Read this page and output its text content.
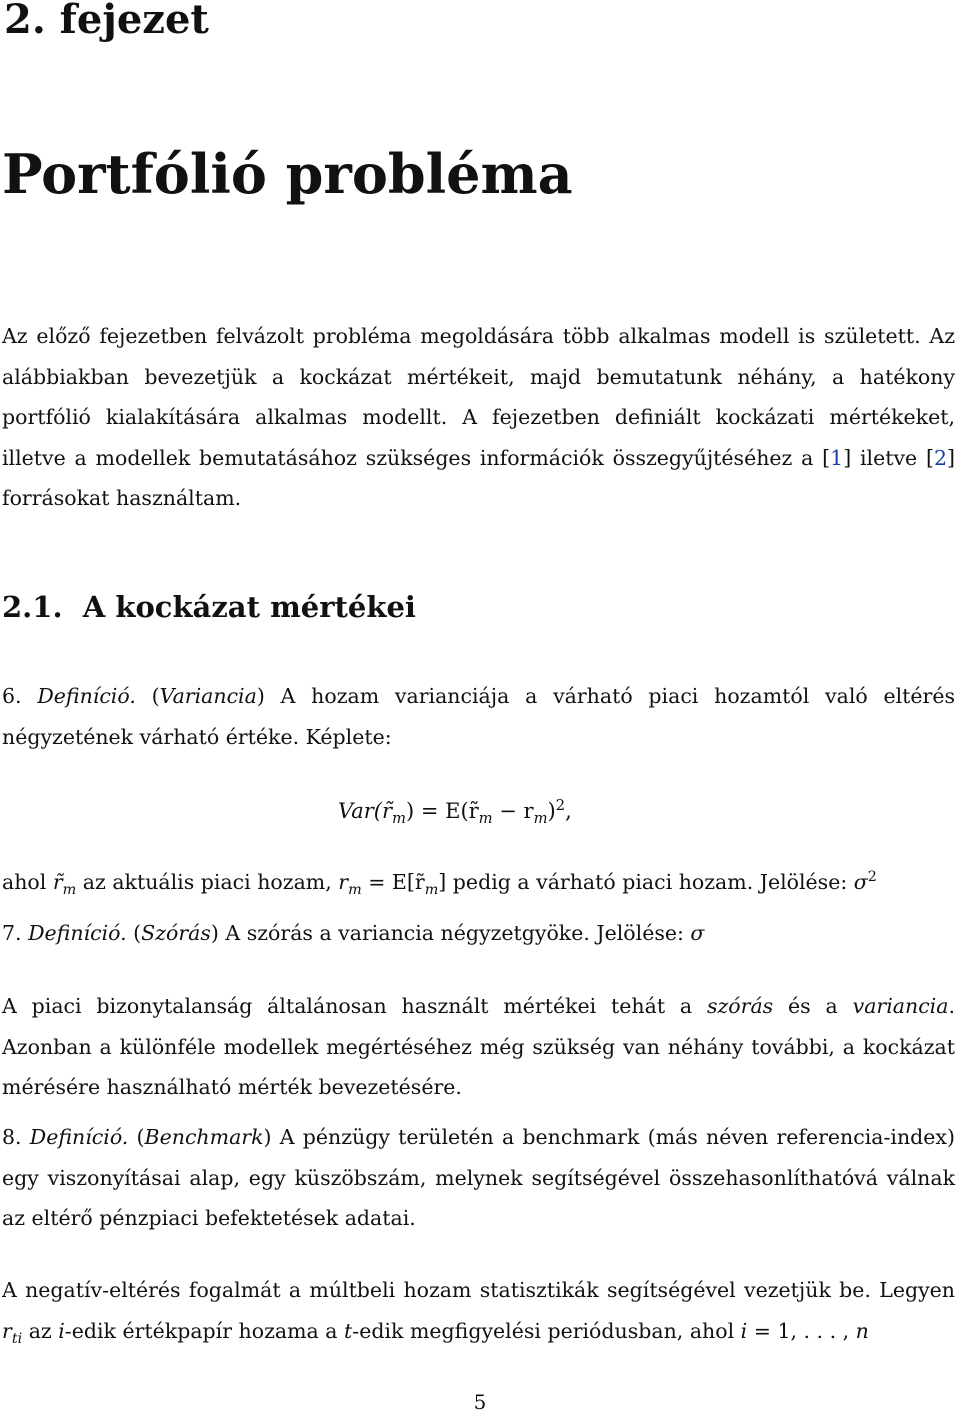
2. fejezet
Portfólió probléma

Az előző fejezetben felvázolt probléma megoldására több alkalmas modell is született. Az alábbiakban bevezetjük a kockázat mértékeit, majd bemutatunk néhány, a hatékony portfólió kialakítására alkalmas modellt. A fejezetben definiált kockázati mértékeket, illetve a modellek bemutatásához szükséges információk összegyűjtéséhez a [1] iletve [2] forrásokat használtam.

2.1. A kockázat mértékei

6. Definíció. (Variancia) A hozam varianciája a várható piaci hozamtól való eltérés négyzetének várható értéke. Képlete:

$Var(r̃_m)$ = $E(r̃_m - r_m)^2$,

ahol $r̃_m$ az aktuális piaci hozam, $r_m$ = $E[r̃_m]$ pedig a várható piaci hozam. Jelölése: $\sigma^2$

7. Definíció. (Szórás) A szórás a variancia négyzetgyöke. Jelölése: σ

A piaci bizonytalanság általánosan használt mértékei tehát a szórás és a variancia. Azonban a különféle modellek megértéséhez még szükség van néhány további, a kockázat mérésére használható mérték bevezetésére.

8. Definíció. (Benchmark) A pénzügy területén a benchmark (más néven referencia-index) egy viszonyításai alap, egy küszöbszám, melynek segítségével összehasonlíthatóvá válnak az eltérő pénzpiaci befektetések adatai.

A negatív-eltérés fogalmát a múltbeli hozam statisztikák segítségével vezetjük be. Legyen $r_{ti}$ az i-edik értékpapír hozama a t-edik megfigyelési periódusban, ahol i = 1, . . . , n

5
